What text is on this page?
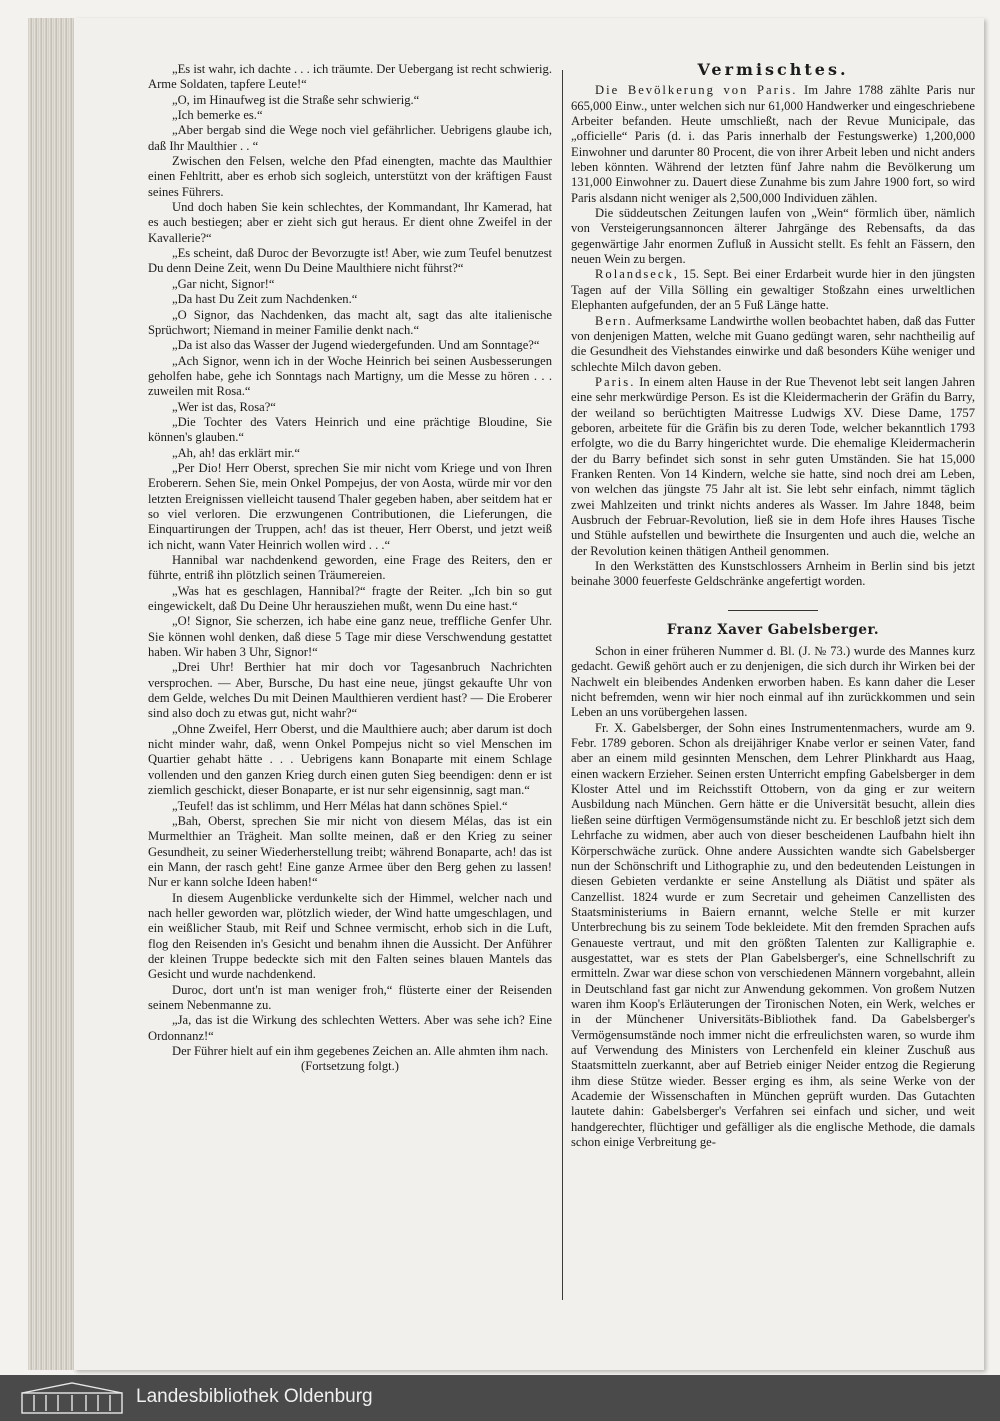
„Es ist wahr, ich dachte . . . ich träumte. Der Uebergang ist recht schwierig. Arme Soldaten, tapfere Leute!“

„O, im Hinaufweg ist die Straße sehr schwierig.“

„Ich bemerke es.“

„Aber bergab sind die Wege noch viel gefährlicher. Uebrigens glaube ich, daß Ihr Maulthier . . “

Zwischen den Felsen, welche den Pfad einengten, machte das Maulthier einen Fehltritt, aber es erhob sich sogleich, unterstützt von der kräftigen Faust seines Führers.

Und doch haben Sie kein schlechtes, der Kommandant, Ihr Kamerad, hat es auch bestiegen; aber er zieht sich gut heraus. Er dient ohne Zweifel in der Kavallerie?“

„Es scheint, daß Duroc der Bevorzugte ist! Aber, wie zum Teufel benutzest Du denn Deine Zeit, wenn Du Deine Maulthiere nicht führst?“

„Gar nicht, Signor!“

„Da hast Du Zeit zum Nachdenken.“

„O Signor, das Nachdenken, das macht alt, sagt das alte italienische Sprüchwort; Niemand in meiner Familie denkt nach.“

„Da ist also das Wasser der Jugend wiedergefunden. Und am Sonntage?“

„Ach Signor, wenn ich in der Woche Heinrich bei seinen Ausbesserungen geholfen habe, gehe ich Sonntags nach Martigny, um die Messe zu hören . . . zuweilen mit Rosa.“

„Wer ist das, Rosa?“

„Die Tochter des Vaters Heinrich und eine prächtige Bloudine, Sie können's glauben.“

„Ah, ah! das erklärt mir.“

„Per Dio! Herr Oberst, sprechen Sie mir nicht vom Kriege und von Ihren Eroberern. Sehen Sie, mein Onkel Pompejus, der von Aosta, würde mir vor den letzten Ereignissen vielleicht tausend Thaler gegeben haben, aber seitdem hat er so viel verloren. Die erzwungenen Contributionen, die Lieferungen, die Einquartirungen der Truppen, ach! das ist theuer, Herr Oberst, und jetzt weiß ich nicht, wann Vater Heinrich wollen wird . . .“

Hannibal war nachdenkend geworden, eine Frage des Reiters, den er führte, entriß ihn plötzlich seinen Träumereien.

„Was hat es geschlagen, Hannibal?“ fragte der Reiter. „Ich bin so gut eingewickelt, daß Du Deine Uhr herausziehen mußt, wenn Du eine hast.“

„O! Signor, Sie scherzen, ich habe eine ganz neue, treffliche Genfer Uhr. Sie können wohl denken, daß diese 5 Tage mir diese Verschwendung gestattet haben. Wir haben 3 Uhr, Signor!“

„Drei Uhr! Berthier hat mir doch vor Tagesanbruch Nachrichten versprochen. — Aber, Bursche, Du hast eine neue, jüngst gekaufte Uhr von dem Gelde, welches Du mit Deinen Maulthieren verdient hast? — Die Eroberer sind also doch zu etwas gut, nicht wahr?“

„Ohne Zweifel, Herr Oberst, und die Maulthiere auch; aber darum ist doch nicht minder wahr, daß, wenn Onkel Pompejus nicht so viel Menschen im Quartier gehabt hätte . . . Uebrigens kann Bonaparte mit einem Schlage vollenden und den ganzen Krieg durch einen guten Sieg beendigen: denn er ist ziemlich geschickt, dieser Bonaparte, er ist nur sehr eigensinnig, sagt man.“

„Teufel! das ist schlimm, und Herr Mélas hat dann schönes Spiel.“

„Bah, Oberst, sprechen Sie mir nicht von diesem Mélas, das ist ein Murmelthier an Trägheit. Man sollte meinen, daß er den Krieg zu seiner Gesundheit, zu seiner Wiederherstellung treibt; während Bonaparte, ach! das ist ein Mann, der rasch geht! Eine ganze Armee über den Berg gehen zu lassen! Nur er kann solche Ideen haben!“

In diesem Augenblicke verdunkelte sich der Himmel, welcher nach und nach heller geworden war, plötzlich wieder, der Wind hatte umgeschlagen, und ein weißlicher Staub, mit Reif und Schnee vermischt, erhob sich in die Luft, flog den Reisenden in's Gesicht und benahm ihnen die Aussicht. Der Anführer der kleinen Truppe bedeckte sich mit den Falten seines blauen Mantels das Gesicht und wurde nachdenkend.

Duroc, dort unt'n ist man weniger froh,“ flüsterte einer der Reisenden seinem Nebenmanne zu.

„Ja, das ist die Wirkung des schlechten Wetters. Aber was sehe ich? Eine Ordonnanz!“

Der Führer hielt auf ein ihm gegebenes Zeichen an. Alle ahmten ihm nach.

(Fortsetzung folgt.)

Vermischtes.

Die Bevölkerung von Paris. Im Jahre 1788 zählte Paris nur 665,000 Einw., unter welchen sich nur 61,000 Handwerker und eingeschriebene Arbeiter befanden. Heute umschließt, nach der Revue Municipale, das „officielle“ Paris (d. i. das Paris innerhalb der Festungswerke) 1,200,000 Einwohner und darunter 80 Procent, die von ihrer Arbeit leben und nicht anders leben könnten. Während der letzten fünf Jahre nahm die Bevölkerung um 131,000 Einwohner zu. Dauert diese Zunahme bis zum Jahre 1900 fort, so wird Paris alsdann nicht weniger als 2,500,000 Individuen zählen.

Die süddeutschen Zeitungen laufen von „Wein“ förmlich über, nämlich von Versteigerungsannoncen älterer Jahrgänge des Rebensafts, da das gegenwärtige Jahr enormen Zufluß in Aussicht stellt. Es fehlt an Fässern, den neuen Wein zu bergen.

Rolandseck, 15. Sept. Bei einer Erdarbeit wurde hier in den jüngsten Tagen auf der Villa Sölling ein gewaltiger Stoßzahn eines urweltlichen Elephanten aufgefunden, der an 5 Fuß Länge hatte.

Bern. Aufmerksame Landwirthe wollen beobachtet haben, daß das Futter von denjenigen Matten, welche mit Guano gedüngt waren, sehr nachtheilig auf die Gesundheit des Viehstandes einwirke und daß besonders Kühe weniger und schlechte Milch davon geben.

Paris. In einem alten Hause in der Rue Thevenot lebt seit langen Jahren eine sehr merkwürdige Person. Es ist die Kleidermacherin der Gräfin du Barry, der weiland so berüchtigten Maitresse Ludwigs XV. Diese Dame, 1757 geboren, arbeitete für die Gräfin bis zu deren Tode, welcher bekanntlich 1793 erfolgte, wo die du Barry hingerichtet wurde. Die ehemalige Kleidermacherin der du Barry befindet sich sonst in sehr guten Umständen. Sie hat 15,000 Franken Renten. Von 14 Kindern, welche sie hatte, sind noch drei am Leben, von welchen das jüngste 75 Jahr alt ist. Sie lebt sehr einfach, nimmt täglich zwei Mahlzeiten und trinkt nichts anderes als Wasser. Im Jahre 1848, beim Ausbruch der Februar-Revolution, ließ sie in dem Hofe ihres Hauses Tische und Stühle aufstellen und bewirthete die Insurgenten und auch die, welche an der Revolution keinen thätigen Antheil genommen.

In den Werkstätten des Kunstschlossers Arnheim in Berlin sind bis jetzt beinahe 3000 feuerfeste Geldschränke angefertigt worden.

Franz Xaver Gabelsberger.

Schon in einer früheren Nummer d. Bl. (J. № 73.) wurde des Mannes kurz gedacht. Gewiß gehört auch er zu denjenigen, die sich durch ihr Wirken bei der Nachwelt ein bleibendes Andenken erworben haben. Es kann daher die Leser nicht befremden, wenn wir hier noch einmal auf ihn zurückkommen und sein Leben an uns vorübergehen lassen.

Fr. X. Gabelsberger, der Sohn eines Instrumentenmachers, wurde am 9. Febr. 1789 geboren. Schon als dreijähriger Knabe verlor er seinen Vater, fand aber an einem mild gesinnten Menschen, dem Lehrer Plinkhardt aus Haag, einen wackern Erzieher. Seinen ersten Unterricht empfing Gabelsberger in dem Kloster Attel und im Reichsstift Ottobern, von da ging er zur weitern Ausbildung nach München. Gern hätte er die Universität besucht, allein dies ließen seine dürftigen Vermögensumstände nicht zu. Er beschloß jetzt sich dem Lehrfache zu widmen, aber auch von dieser bescheidenen Laufbahn hielt ihn Körperschwäche zurück. Ohne andere Aussichten wandte sich Gabelsberger nun der Schönschrift und Lithographie zu, und den bedeutenden Leistungen in diesen Gebieten verdankte er seine Anstellung als Diätist und später als Canzellist. 1824 wurde er zum Secretair und geheimen Canzellisten des Staatsministeriums in Baiern ernannt, welche Stelle er mit kurzer Unterbrechung bis zu seinem Tode bekleidete. Mit den fremden Sprachen aufs Genaueste vertraut, und mit den größten Talenten zur Kalligraphie e. ausgestattet, war es stets der Plan Gabelsberger's, eine Schnellschrift zu ermitteln. Zwar war diese schon von verschiedenen Männern vorgebahnt, allein in Deutschland fast gar nicht zur Anwendung gekommen. Von großem Nutzen waren ihm Koop's Erläuterungen der Tironischen Noten, ein Werk, welches er in der Münchener Universitäts-Bibliothek fand. Da Gabelsberger's Vermögensumstände noch immer nicht die erfreulichsten waren, so wurde ihm auf Verwendung des Ministers von Lerchenfeld ein kleiner Zuschuß aus Staatsmitteln zuerkannt, aber auf Betrieb einiger Neider entzog die Regierung ihm diese Stütze wieder. Besser erging es ihm, als seine Werke von der Academie der Wissenschaften in München geprüft wurden. Das Gutachten lautete dahin: Gabelsberger's Verfahren sei einfach und sicher, und weit handgerechter, flüchtiger und gefälliger als die englische Methode, die damals schon einige Verbreitung ge-

Landesbibliothek Oldenburg
